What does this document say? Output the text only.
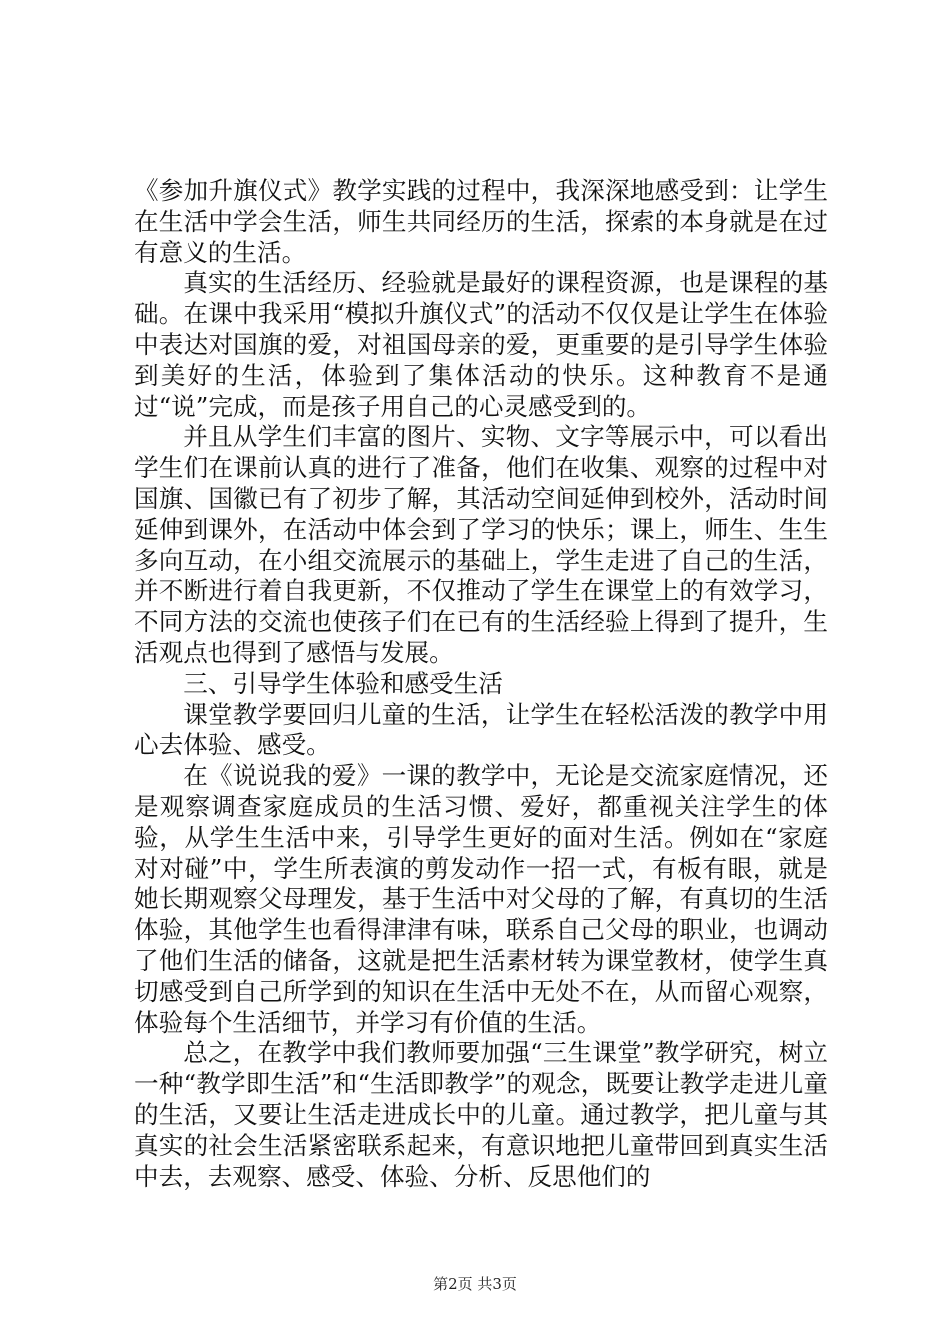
《参加升旗仪式》教学实践的过程中，我深深地感受到：让学生在生活中学会生活，师生共同经历的生活，探索的本身就是在过有意义的生活。

真实的生活经历、经验就是最好的课程资源，也是课程的基础。在课中我采用“模拟升旗仪式”的活动不仅仅是让学生在体验中表达对国旗的爱，对祖国母亲的爱，更重要的是引导学生体验到美好的生活，体验到了集体活动的快乐。这种教育不是通过“说”完成，而是孩子用自己的心灵感受到的。

并且从学生们丰富的图片、实物、文字等展示中，可以看出学生们在课前认真的进行了准备，他们在收集、观察的过程中对国旗、国徽已有了初步了解，其活动空间延伸到校外，活动时间延伸到课外，在活动中体会到了学习的快乐；课上，师生、生生多向互动，在小组交流展示的基础上，学生走进了自己的生活，并不断进行着自我更新，不仅推动了学生在课堂上的有效学习，不同方法的交流也使孩子们在已有的生活经验上得到了提升，生活观点也得到了感悟与发展。

三、引导学生体验和感受生活

课堂教学要回归儿童的生活，让学生在轻松活泼的教学中用心去体验、感受。

在《说说我的爱》一课的教学中，无论是交流家庭情况，还是观察调查家庭成员的生活习惯、爱好，都重视关注学生的体验，从学生生活中来，引导学生更好的面对生活。例如在“家庭对对碰”中，学生所表演的剪发动作一招一式，有板有眼，就是她长期观察父母理发，基于生活中对父母的了解，有真切的生活体验，其他学生也看得津津有味，联系自己父母的职业，也调动了他们生活的储备，这就是把生活素材转为课堂教材，使学生真切感受到自己所学到的知识在生活中无处不在，从而留心观察，体验每个生活细节，并学习有价值的生活。

总之，在教学中我们教师要加强“三生课堂”教学研究，树立一种“教学即生活”和“生活即教学”的观念，既要让教学走进儿童的生活，又要让生活走进成长中的儿童。通过教学，把儿童与其真实的社会生活紧密联系起来，有意识地把儿童带回到真实生活中去，去观察、感受、体验、分析、反思他们的

第2页 共3页
